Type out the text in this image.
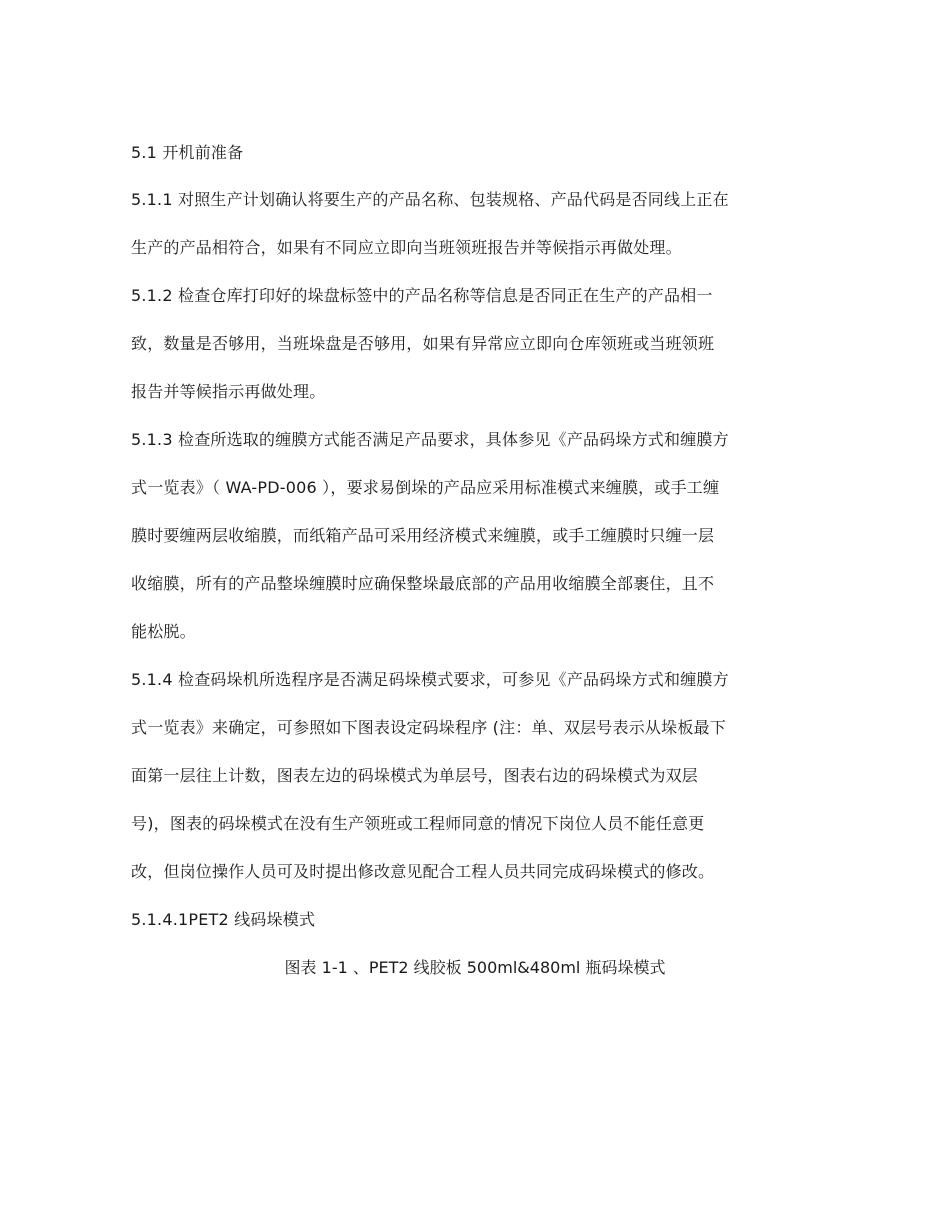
5.1 开机前准备
5.1.1 对照生产计划确认将要生产的产品名称、包装规格、产品代码是否同线上正在
生产的产品相符合，如果有不同应立即向当班领班报告并等候指示再做处理。
5.1.2 检查仓库打印好的垛盘标签中的产品名称等信息是否同正在生产的产品相一
致，数量是否够用，当班垛盘是否够用，如果有异常应立即向仓库领班或当班领班
报告并等候指示再做处理。
5.1.3 检查所选取的缠膜方式能否满足产品要求，具体参见《产品码垛方式和缠膜方
式一览表》（ WA-PD-006 ），要求易倒垛的产品应采用标准模式来缠膜，或手工缠
膜时要缠两层收缩膜，而纸箱产品可采用经济模式来缠膜，或手工缠膜时只缠一层
收缩膜，所有的产品整垛缠膜时应确保整垛最底部的产品用收缩膜全部裹住，且不
能松脱。
5.1.4 检查码垛机所选程序是否满足码垛模式要求，可参见《产品码垛方式和缠膜方
式一览表》来确定，可参照如下图表设定码垛程序 (注：单、双层号表示从垛板最下
面第一层往上计数，图表左边的码垛模式为单层号，图表右边的码垛模式为双层
号)，图表的码垛模式在没有生产领班或工程师同意的情况下岗位人员不能任意更
改，但岗位操作人员可及时提出修改意见配合工程人员共同完成码垛模式的修改。
5.1.4.1PET2 线码垛模式
图表 1-1 、PET2 线胶板 500ml&480ml 瓶码垛模式
